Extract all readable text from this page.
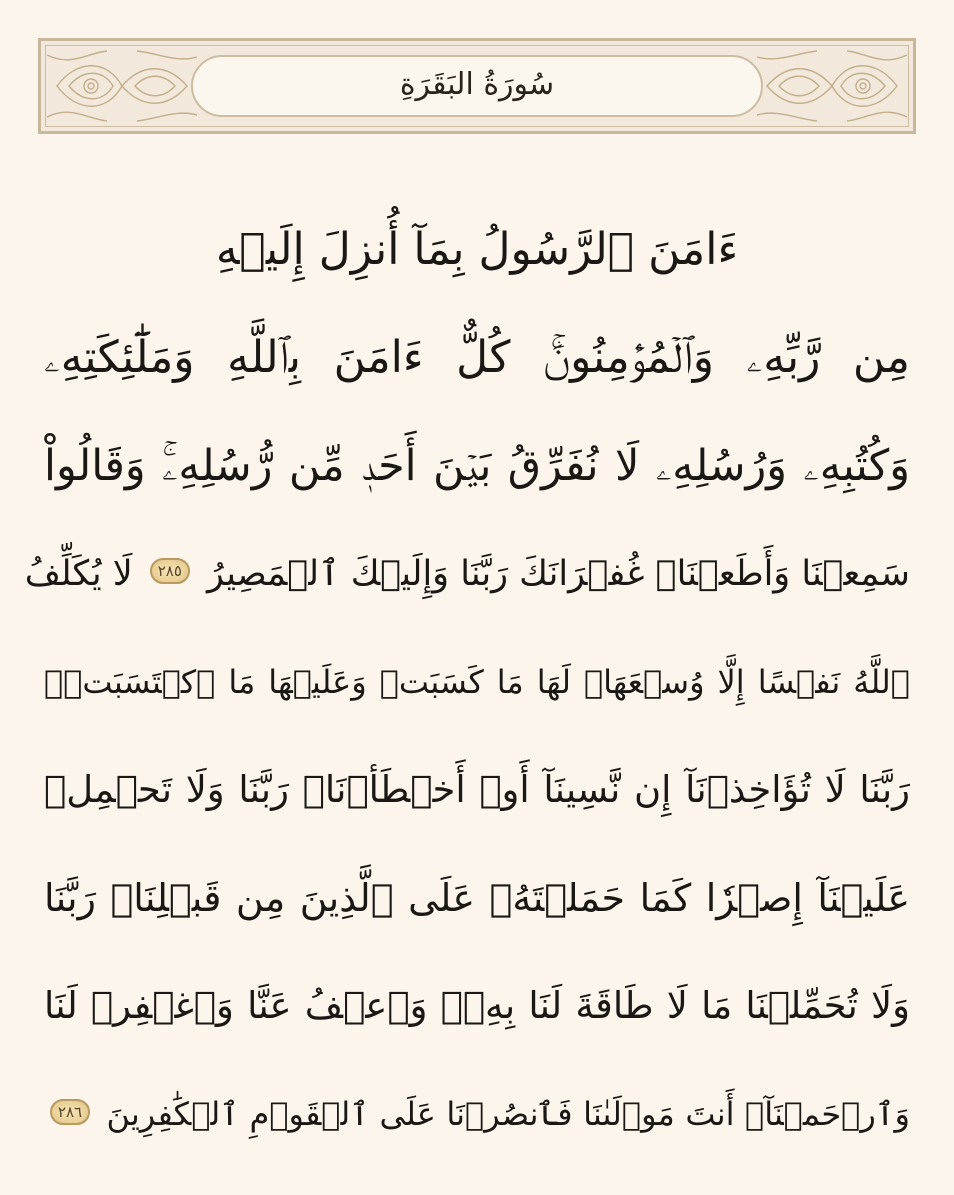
سُورَةُ البَقَرَةِ
ءَامَنَ ٱلرَّسُولُ بِمَآ أُنزِلَ إِلَيۡهِ
مِن رَّبِّهِۦ وَٱلۡمُؤۡمِنُونَۚ كُلٌّ ءَامَنَ بِٱللَّهِ وَمَلَٰٓئِكَتِهِۦ
وَكُتُبِهِۦ وَرُسُلِهِۦ لَا نُفَرِّقُ بَيۡنَ أَحَدٖ مِّن رُّسُلِهِۦۚ وَقَالُواْ
سَمِعۡنَا وَأَطَعۡنَاۖ غُفۡرَانَكَ رَبَّنَا وَإِلَيۡكَ ٱلۡمَصِيرُ ٢٨٥ لَا يُكَلِّفُ
ٱللَّهُ نَفۡسًا إِلَّا وُسۡعَهَاۚ لَهَا مَا كَسَبَتۡ وَعَلَيۡهَا مَا ٱكۡتَسَبَتۡۗ
رَبَّنَا لَا تُؤَاخِذۡنَآ إِن نَّسِينَآ أَوۡ أَخۡطَأۡنَاۚ رَبَّنَا وَلَا تَحۡمِلۡ
عَلَيۡنَآ إِصۡرٗا كَمَا حَمَلۡتَهُۥ عَلَى ٱلَّذِينَ مِن قَبۡلِنَاۚ رَبَّنَا
وَلَا تُحَمِّلۡنَا مَا لَا طَاقَةَ لَنَا بِهِۦۖ وَٱعۡفُ عَنَّا وَٱغۡفِرۡ لَنَا
وَٱرۡحَمۡنَآۚ أَنتَ مَوۡلَىٰنَا فَٱنصُرۡنَا عَلَى ٱلۡقَوۡمِ ٱلۡكَٰفِرِينَ ٢٨٦
